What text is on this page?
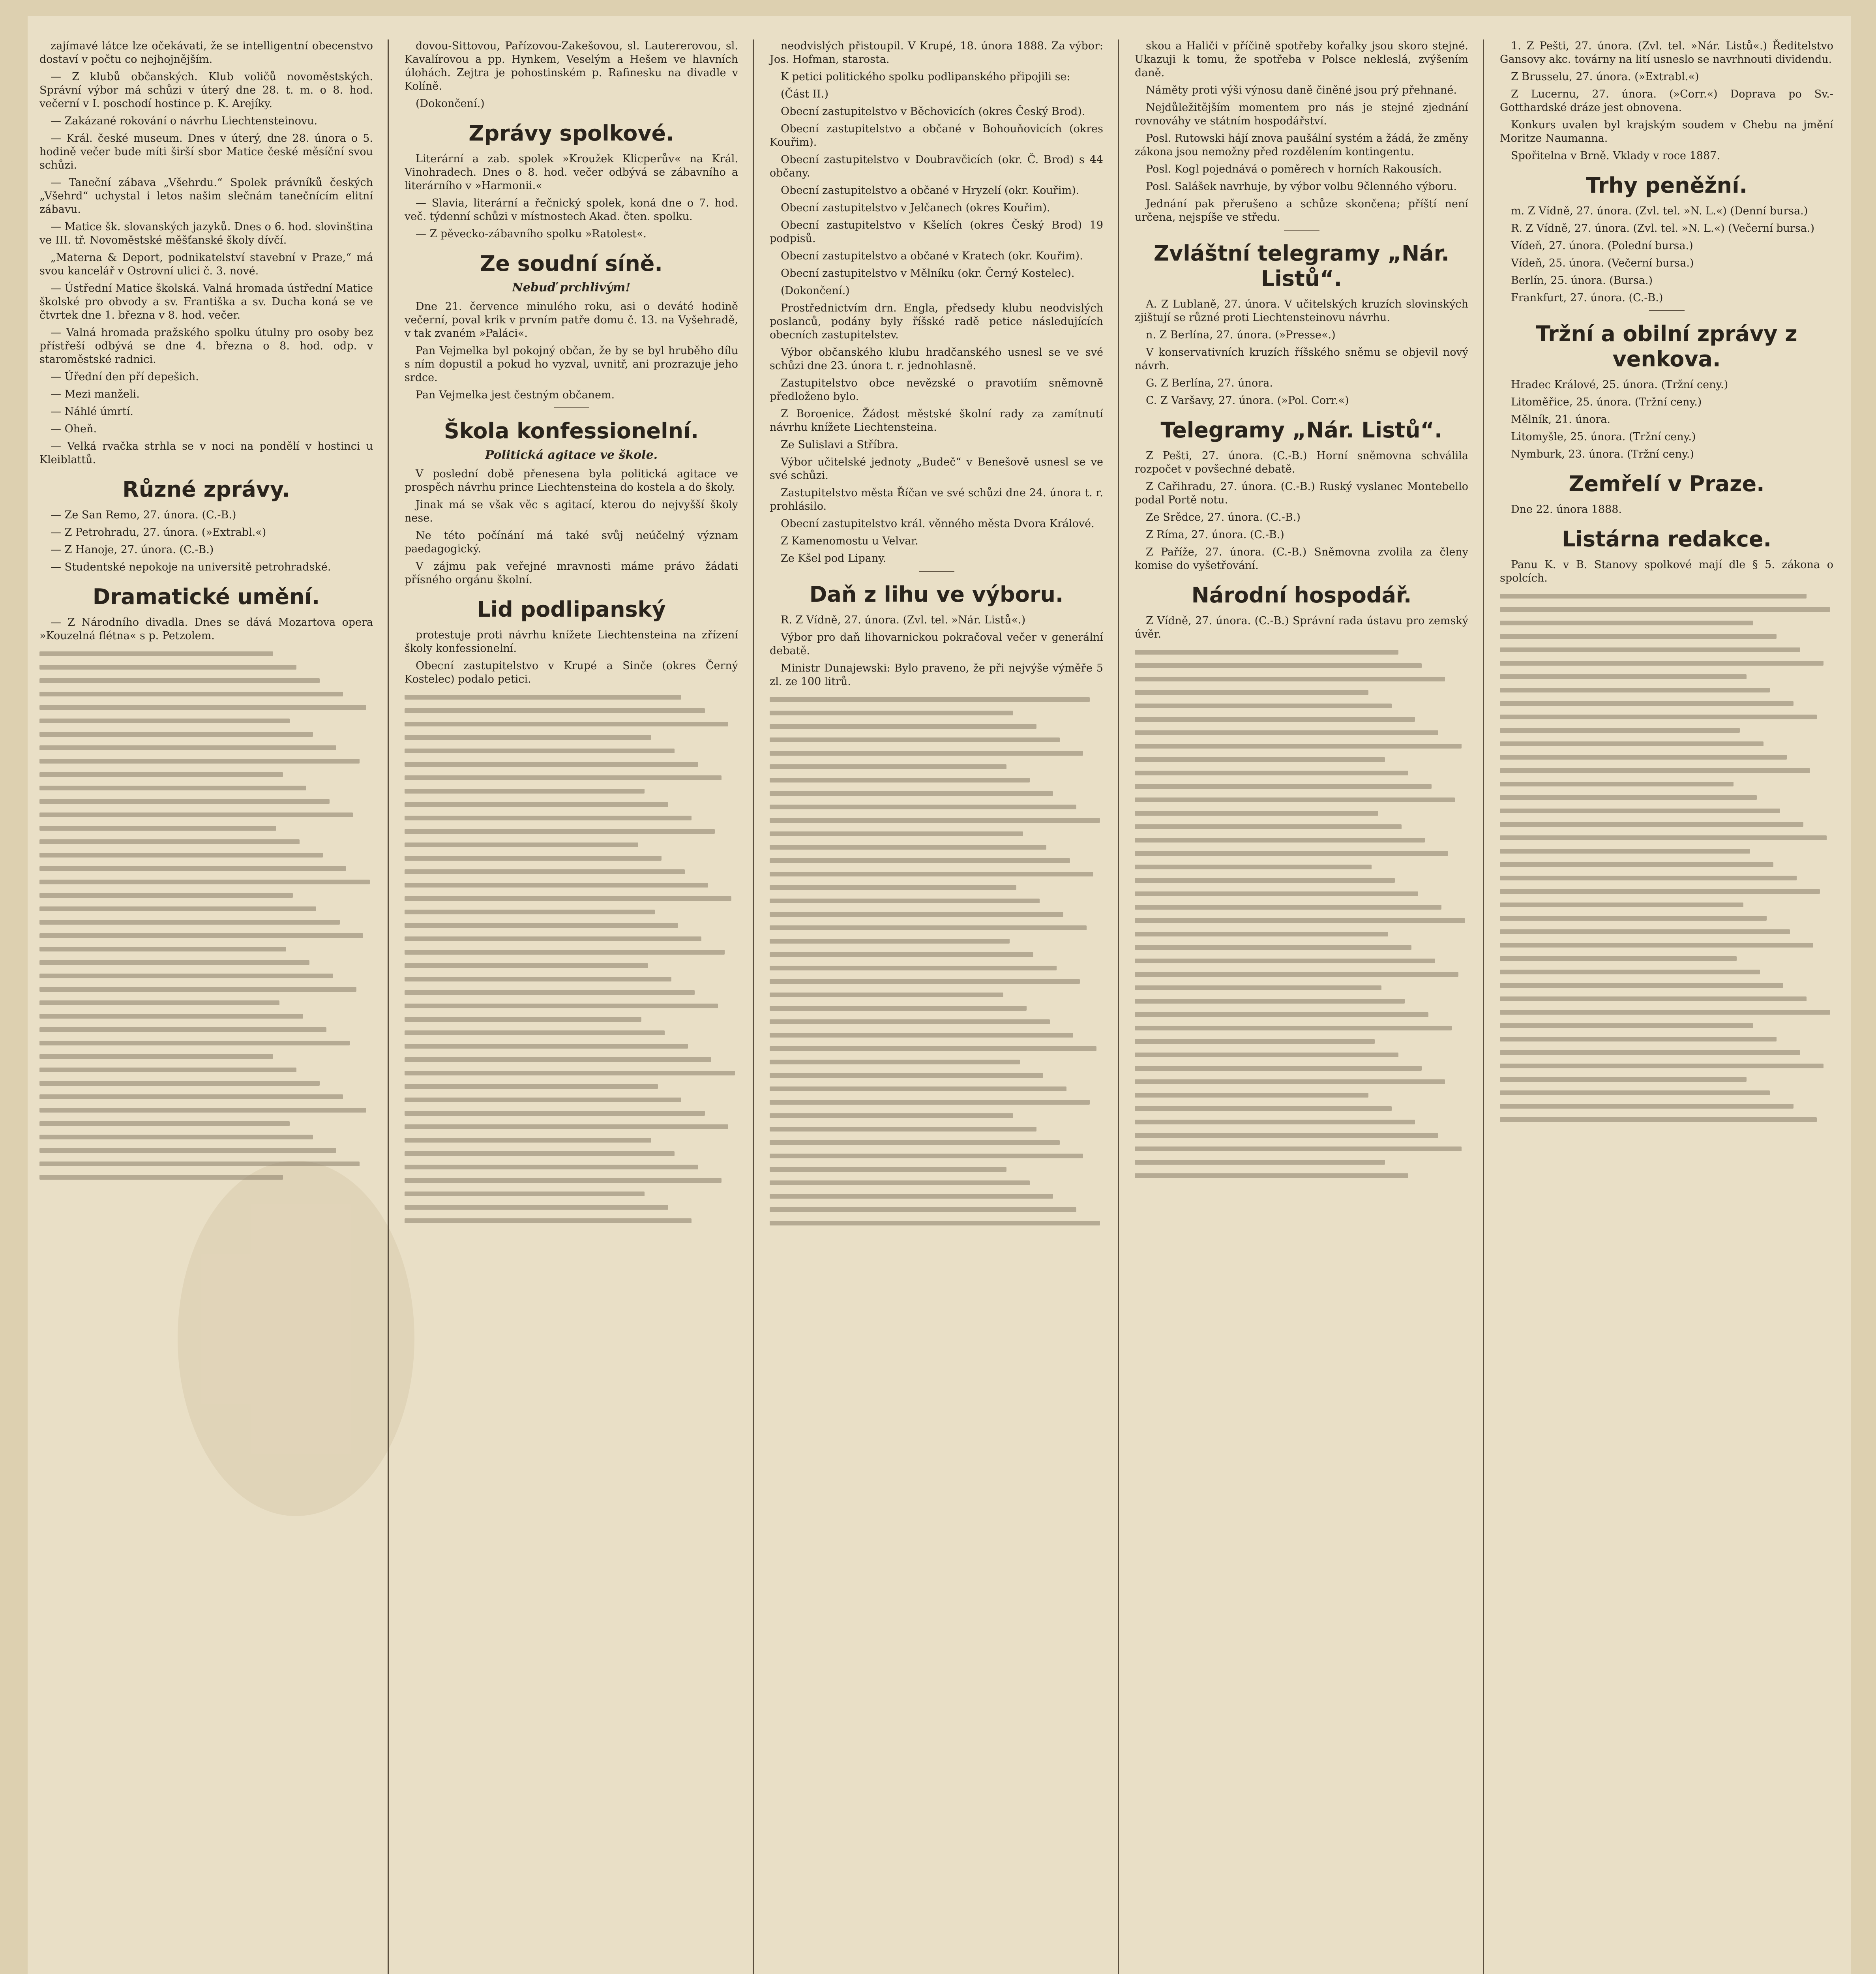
zajímavé látce lze očekávati, že se intelligentní obecenstvo dostaví v počtu co nejhojnějším.

— Z klubů občanských. Klub voličů novoměstských. Správní výbor má schůzi v úterý dne 28. t. m. o 8. hod. večerní v I. poschodí hostince p. K. Arejíky.

— Zakázané rokování o návrhu Liechtensteinovu.

— Král. české museum. Dnes v úterý, dne 28. února o 5. hodině večer bude míti širší sbor Matice české měsíční svou schůzi.

— Taneční zábava „Všehrdu.“ Spolek právníků českých „Všehrd“ uchystal i letos našim slečnám tanečnícím elitní zábavu.

— Matice šk. slovanských jazyků. Dnes o 6. hod. slovinština ve III. tř. Novoměstské měšťanské školy dívčí.

„Materna & Deport, podnikatelství stavební v Praze,“ má svou kancelář v Ostrovní ulici č. 3. nové.

— Ústřední Matice školská. Valná hromada ústřední Matice školské pro obvody a sv. Františka a sv. Ducha koná se ve čtvrtek dne 1. března v 8. hod. večer.

— Valná hromada pražského spolku útulny pro osoby bez přístřeší odbývá se dne 4. března o 8. hod. odp. v staroměstské radnici.

— Úřední den pří depešich.

— Mezi manželi.

— Náhlé úmrtí.

— Oheň.

— Velká rvačka strhla se v noci na pondělí v hostinci u Kleiblattů.

Různé zprávy.

— Ze San Remo, 27. února. (C.-B.)

— Z Petrohradu, 27. února. (»Extrabl.«)

— Z Hanoje, 27. února. (C.-B.)

— Studentské nepokoje na universitě petrohradské.

Dramatické umění.

— Z Národního divadla. Dnes se dává Mozartova opera »Kouzelná flétna« s p. Petzolem.

dovou-Sittovou, Pařízovou-Zakešovou, sl. Lautererovou, sl. Kavalírovou a pp. Hynkem, Veselým a Hešem ve hlavních úlohách. Zejtra je pohostinském p. Rafinesku na divadle v Kolíně.

(Dokončení.)

Zprávy spolkové.

Literární a zab. spolek »Kroužek Klicperův« na Král. Vinohradech. Dnes o 8. hod. večer odbývá se zábavního a literárního v »Harmonii.«

— Slavia, literární a řečnický spolek, koná dne o 7. hod. več. týdenní schůzi v místnostech Akad. čten. spolku.

— Z pěvecko-zábavního spolku »Ratolest«.

Ze soudní síně.
Nebuď prchlivým!

Dne 21. července minulého roku, asi o deváté hodině večerní, poval krik v prvním patře domu č. 13. na Vyšehradě, v tak zvaném »Paláci«.

Pan Vejmelka byl pokojný občan, že by se byl hruběho dílu s ním dopustil a pokud ho vyzval, uvnitř, ani prozrazuje jeho srdce.

Pan Vejmelka jest čestným občanem.

Škola konfessionelní.
Politická agitace ve škole.

V poslední době přenesena byla politická agitace ve prospěch návrhu prince Liechtensteina do kostela a do školy.

Jinak má se však věc s agitací, kterou do nejvyšší školy nese.

Ne této počínání má také svůj neúčelný význam paedagogický.

V zájmu pak veřejné mravnosti máme právo žádati přísného orgánu školní.

Lid podlipanský

protestuje proti návrhu knížete Liechtensteina na zřízení školy konfessionelní.

Obecní zastupitelstvo v Krupé a Sinče (okres Černý Kostelec) podalo petici.

neodvislých přistoupil. V Krupé, 18. února 1888. Za výbor: Jos. Hofman, starosta.

K petici politického spolku podlipanského připojili se:

(Část II.)

Obecní zastupitelstvo v Běchovicích (okres Český Brod).

Obecní zastupitelstvo a občané v Bohouňovicích (okres Kouřim).

Obecní zastupitelstvo v Doubravčicích (okr. Č. Brod) s 44 občany.

Obecní zastupitelstvo a občané v Hryzelí (okr. Kouřim).

Obecní zastupitelstvo v Jelčanech (okres Kouřim).

Obecní zastupitelstvo v Kšelích (okres Český Brod) 19 podpisů.

Obecní zastupitelstvo a občané v Kratech (okr. Kouřim).

Obecní zastupitelstvo v Mělníku (okr. Černý Kostelec).

(Dokončení.)

Prostřednictvím drn. Engla, předsedy klubu neodvislých poslanců, podány byly říšské radě petice následujících obecních zastupitelstev.

Výbor občanského klubu hradčanského usnesl se ve své schůzi dne 23. února t. r. jednohlasně.

Zastupitelstvo obce nevězské o pravotiím sněmovně předloženo bylo.

Z Boroenice. Žádost městské školní rady za zamítnutí návrhu knížete Liechtensteina.

Ze Sulislavi a Stříbra.

Výbor učitelské jednoty „Budeč“ v Benešově usnesl se ve své schůzi.

Zastupitelstvo města Říčan ve své schůzi dne 24. února t. r. prohlásilo.

Obecní zastupitelstvo král. věnného města Dvora Králové.

Z Kamenomostu u Velvar.

Ze Kšel pod Lipany.

Daň z lihu ve výboru.

R. Z Vídně, 27. února. (Zvl. tel. »Nár. Listů«.)

Výbor pro daň lihovarnickou pokračoval večer v generální debatě.

Ministr Dunajewski: Bylo praveno, že při nejvýše výměře 5 zl. ze 100 litrů.

skou a Haliči v příčině spotřeby kořalky jsou skoro stejné. Ukazuji k tomu, že spotřeba v Polsce nekleslá, zvýšením daně.

Náměty proti výši výnosu daně činěné jsou prý přehnané.

Nejdůležitějším momentem pro nás je stejné zjednání rovnováhy ve státním hospodářství.

Posl. Rutowski hájí znova paušální systém a žádá, že změny zákona jsou nemožny před rozdělením kontingentu.

Posl. Kogl pojednává o poměrech v horních Rakousích.

Posl. Salášek navrhuje, by výbor volbu 9členného výboru.

Jednání pak přerušeno a schůze skončena; příští není určena, nejspíše ve středu.

Zvláštní telegramy „Nár. Listů“.

A. Z Lublaně, 27. února. V učitelských kruzích slovinských zjištují se různé proti Liechtensteinovu návrhu.

n. Z Berlína, 27. února. (»Presse«.)

V konservativních kruzích říšského sněmu se objevil nový návrh.

G. Z Berlína, 27. února.

C. Z Varšavy, 27. února. (»Pol. Corr.«)

Telegramy „Nár. Listů“.

Z Pešti, 27. února. (C.-B.) Horní sněmovna schválila rozpočet v povšechné debatě.

Z Cařihradu, 27. února. (C.-B.) Ruský vyslanec Montebello podal Portě notu.

Ze Srědce, 27. února. (C.-B.)

Z Ríma, 27. února. (C.-B.)

Z Paříže, 27. února. (C.-B.) Sněmovna zvolila za členy komise do vyšetřování.

Národní hospodář.

Z Vídně, 27. února. (C.-B.) Správní rada ústavu pro zemský úvěr.

1. Z Pešti, 27. února. (Zvl. tel. »Nár. Listů«.) Ředitelstvo Gansovy akc. továrny na lití usneslo se navrhnouti dividendu.

Z Brusselu, 27. února. (»Extrabl.«)

Z Lucernu, 27. února. (»Corr.«) Doprava po Sv.-Gotthardské dráze jest obnovena.

Konkurs uvalen byl krajským soudem v Chebu na jmění Moritze Naumanna.

Spořitelna v Brně. Vklady v roce 1887.

Trhy peněžní.

m. Z Vídně, 27. února. (Zvl. tel. »N. L.«) (Denní bursa.)

R. Z Vídně, 27. února. (Zvl. tel. »N. L.«) (Večerní bursa.)

Vídeň, 27. února. (Polední bursa.)

Vídeň, 25. února. (Večerní bursa.)

Berlín, 25. února. (Bursa.)

Frankfurt, 27. února. (C.-B.)

Tržní a obilní zprávy z venkova.

Hradec Králové, 25. února. (Tržní ceny.)

Litoměřice, 25. února. (Tržní ceny.)

Mělník, 21. února.

Litomyšle, 25. února. (Tržní ceny.)

Nymburk, 23. února. (Tržní ceny.)

Zemřelí v Praze.

Dne 22. února 1888.

Listárna redakce.

Panu K. v B. Stanovy spolkové mají dle § 5. zákona o spolcích.
